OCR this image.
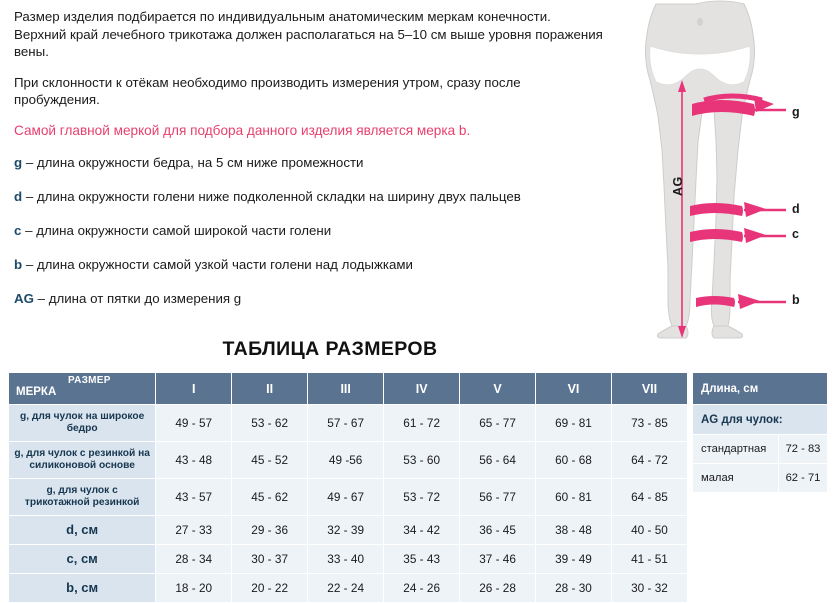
Размер изделия подбирается по индивидуальным анатомическим меркам конечности. Верхний край лечебного трикотажа должен располагаться на 5–10 см выше уровня поражения вены.
При склонности к отёкам необходимо производить измерения утром, сразу после пробуждения.
Самой главной меркой для подбора данного изделия является мерка b.
g – длина окружности бедра, на 5 см ниже промежности
d – длина окружности голени ниже подколенной складки на ширину двух пальцев
c – длина окружности самой широкой части голени
b – длина окружности самой узкой части голени над лодыжками
AG – длина от пятки до измерения g
g
d
c
b
AG
ТАБЛИЦА РАЗМЕРОВ
МЕРКА
РАЗМЕР	I	II	III	IV	V	VI	VII
g, для чулок на широкое бедро	49 - 57	53 - 62	57 - 67	61 - 72	65 - 77	69 - 81	73 - 85
g, для чулок с резинкой на силиконовой основе	43 - 48	45 - 52	49 -56	53 - 60	56 - 64	60 - 68	64 - 72
g, для чулок с трикотажной резинкой	43 - 57	45 - 62	49 - 67	53 - 72	56 - 77	60 - 81	64 - 85
d, см	27 - 33	29 - 36	32 - 39	34 - 42	36 - 45	38 - 48	40 - 50
c, см	28 - 34	30 - 37	33 - 40	35 - 43	37 - 46	39 - 49	41 - 51
b, см	18 - 20	20 - 22	22 - 24	24 - 26	26 - 28	28 - 30	30 - 32
Длина, см	
AG для чулок:	
стандартная	72 - 83
малая	62 - 71
